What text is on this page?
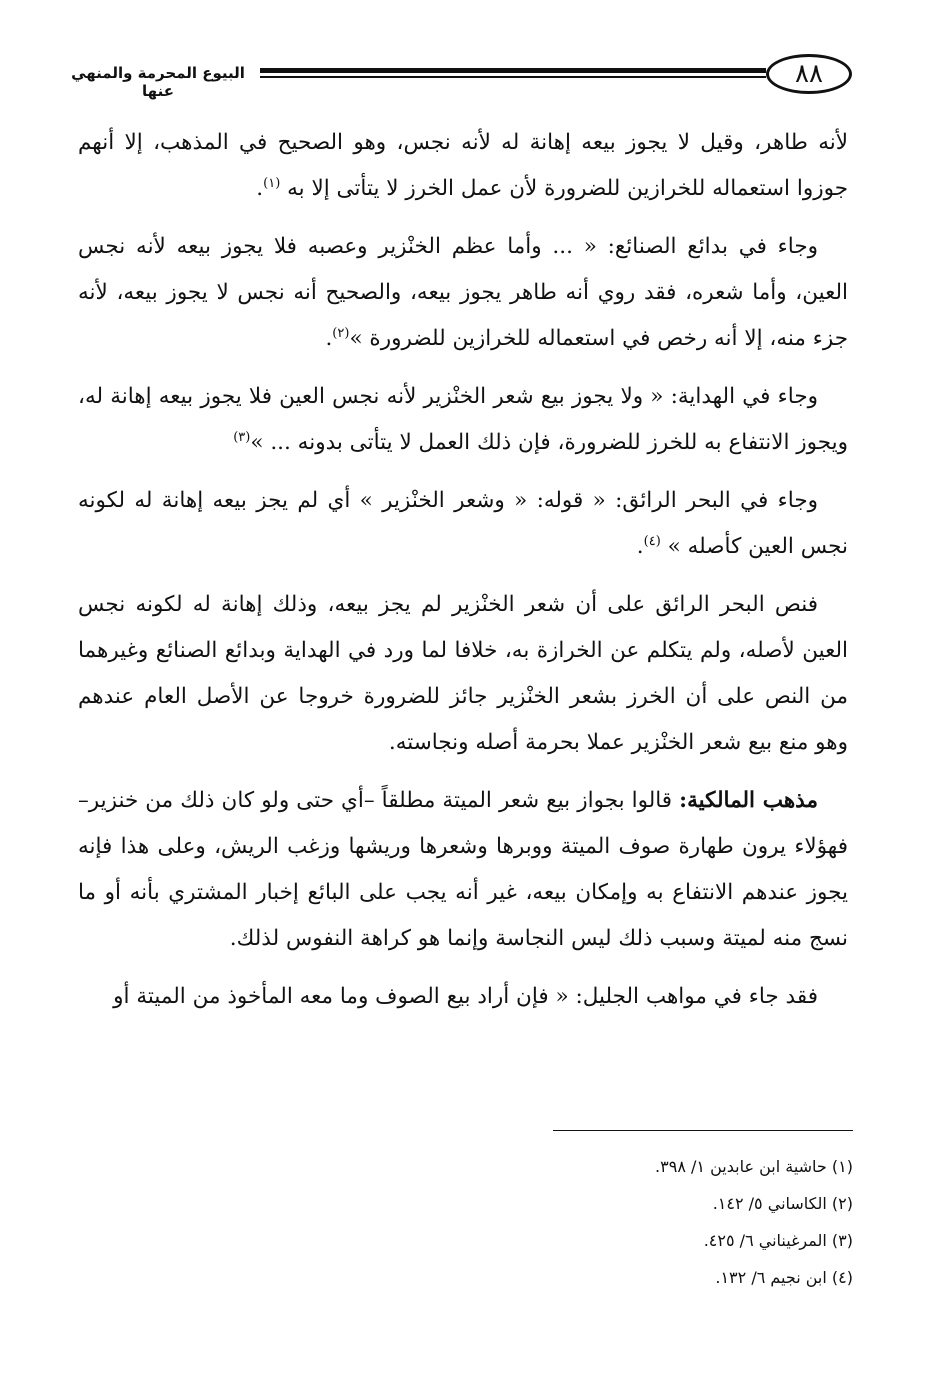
٨٨
البيوع المحرمة والمنهي عنها

لأنه طاهر، وقيل لا يجوز بيعه إهانة له لأنه نجس، وهو الصحيح في المذهب، إلا أنهم جوزوا استعماله للخرازين للضرورة لأن عمل الخرز لا يتأتى إلا به $^{(١)}$.

وجاء في بدائع الصنائع: « ... وأما عظم الخنْزير وعصبه فلا يجوز بيعه لأنه نجس العين، وأما شعره، فقد روي أنه طاهر يجوز بيعه، والصحيح أنه نجس لا يجوز بيعه، لأنه جزء منه، إلا أنه رخص في استعماله للخرازين للضرورة »$^{(٢)}$.

وجاء في الهداية: « ولا يجوز بيع شعر الخنْزير لأنه نجس العين فلا يجوز بيعه إهانة له، ويجوز الانتفاع به للخرز للضرورة، فإن ذلك العمل لا يتأتى بدونه ... »$^{(٣)}$

وجاء في البحر الرائق: « قوله: « وشعر الخنْزير » أي لم يجز بيعه إهانة له لكونه نجس العين كأصله » $^{(٤)}$.

فنص البحر الرائق على أن شعر الخنْزير لم يجز بيعه، وذلك إهانة له لكونه نجس العين لأصله، ولم يتكلم عن الخرازة به، خلافا لما ورد في الهداية وبدائع الصنائع وغيرهما من النص على أن الخرز بشعر الخنْزير جائز للضرورة خروجا عن الأصل العام عندهم وهو منع بيع شعر الخنْزير عملا بحرمة أصله ونجاسته.

مذهب المالكية: قالوا بجواز بيع شعر الميتة مطلقاً –أي حتى ولو كان ذلك من خنزير– فهؤلاء يرون طهارة صوف الميتة ووبرها وشعرها وريشها وزغب الريش، وعلى هذا فإنه يجوز عندهم الانتفاع به وإمكان بيعه، غير أنه يجب على البائع إخبار المشتري بأنه أو ما نسج منه لميتة وسبب ذلك ليس النجاسة وإنما هو كراهة النفوس لذلك.

فقد جاء في مواهب الجليل: « فإن أراد بيع الصوف وما معه المأخوذ من الميتة أو

(١) حاشية ابن عابدين ١/ ٣٩٨.
(٢) الكاساني ٥/ ١٤٢.
(٣) المرغيناني ٦/ ٤٢٥.
(٤) ابن نجيم ٦/ ١٣٢.
